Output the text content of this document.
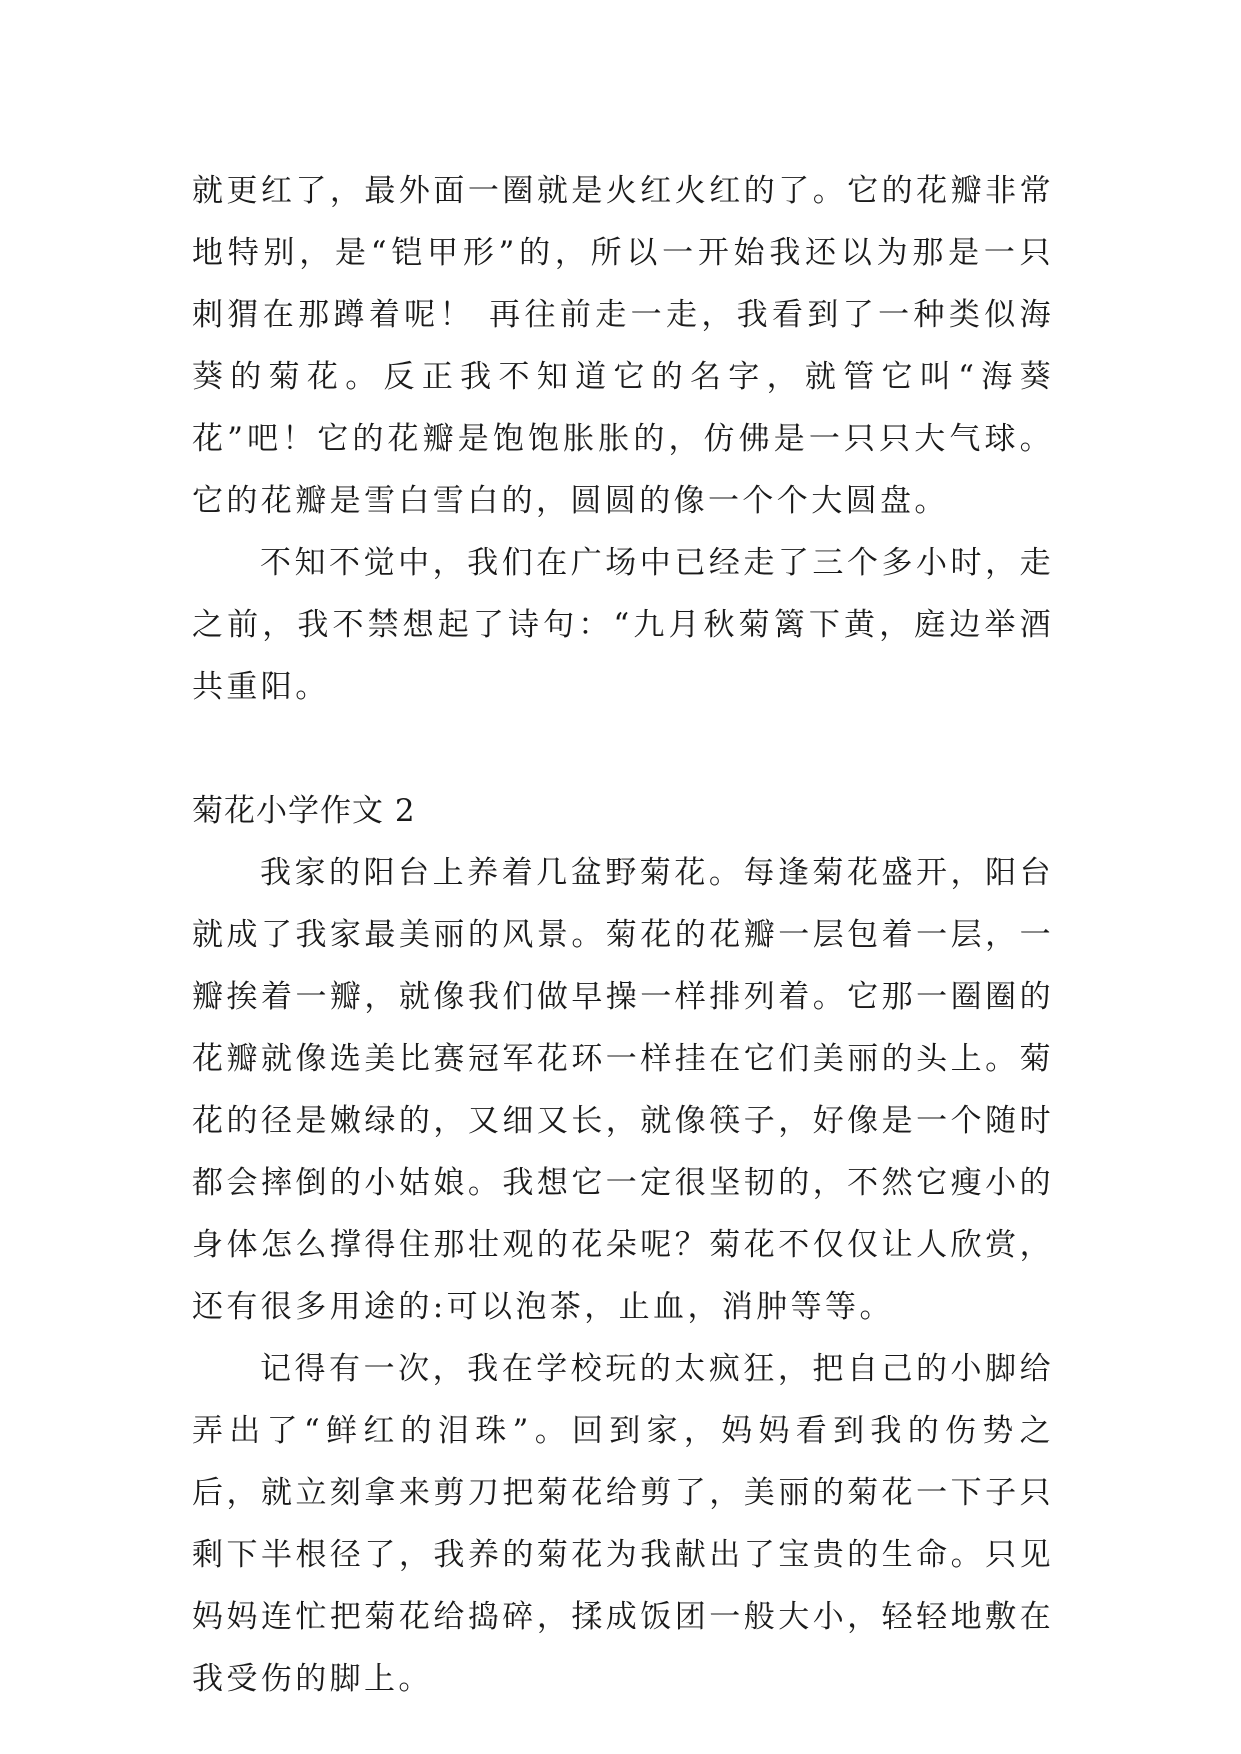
就更红了，最外面一圈就是火红火红的了。它的花瓣非常地特别，是“铠甲形”的，所以一开始我还以为那是一只刺猬在那蹲着呢！ 再往前走一走，我看到了一种类似海葵的菊花。反正我不知道它的名字，就管它叫“海葵花”吧！它的花瓣是饱饱胀胀的，仿佛是一只只大气球。它的花瓣是雪白雪白的，圆圆的像一个个大圆盘。

不知不觉中，我们在广场中已经走了三个多小时，走之前，我不禁想起了诗句：“九月秋菊篱下黄，庭边举酒共重阳。

菊花小学作文 2

我家的阳台上养着几盆野菊花。每逢菊花盛开，阳台就成了我家最美丽的风景。菊花的花瓣一层包着一层，一瓣挨着一瓣，就像我们做早操一样排列着。它那一圈圈的花瓣就像选美比赛冠军花环一样挂在它们美丽的头上。菊花的径是嫩绿的，又细又长，就像筷子，好像是一个随时都会摔倒的小姑娘。我想它一定很坚韧的，不然它瘦小的身体怎么撑得住那壮观的花朵呢？菊花不仅仅让人欣赏，还有很多用途的:可以泡茶，止血，消肿等等。

记得有一次，我在学校玩的太疯狂，把自己的小脚给弄出了“鲜红的泪珠”。回到家，妈妈看到我的伤势之后，就立刻拿来剪刀把菊花给剪了，美丽的菊花一下子只剩下半根径了，我养的菊花为我献出了宝贵的生命。只见妈妈连忙把菊花给捣碎，揉成饭团一般大小，轻轻地敷在我受伤的脚上。
